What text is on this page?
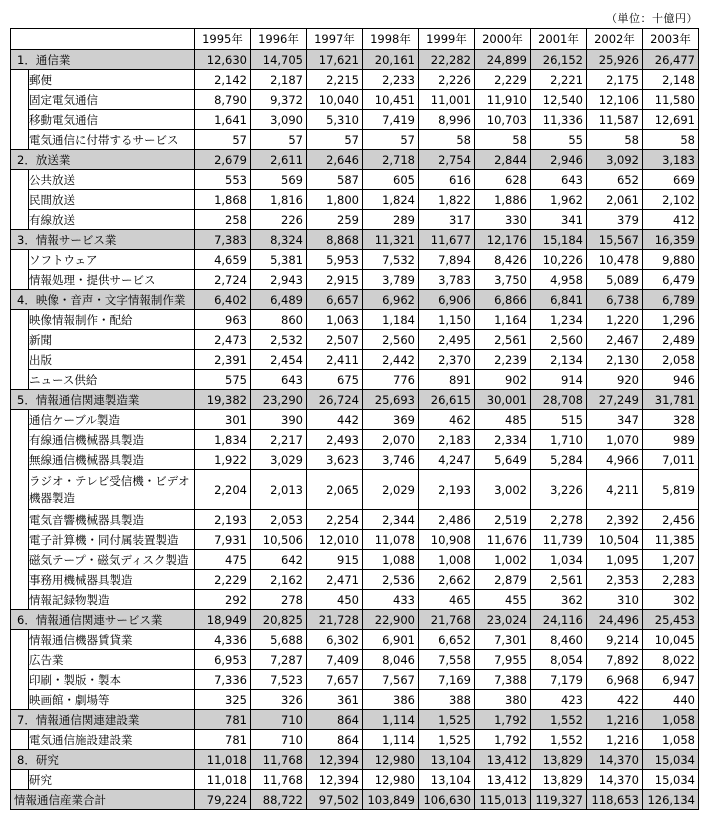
（単位：十億円）
		1995年	1996年	1997年	1998年	1999年	2000年	2001年	2002年	2003年
1．通信業		12,630	14,705	17,621	20,161	22,282	24,899	26,152	25,926	26,477
	郵便	2,142	2,187	2,215	2,233	2,226	2,229	2,221	2,175	2,148
	固定電気通信	8,790	9,372	10,040	10,451	11,001	11,910	12,540	12,106	11,580
	移動電気通信	1,641	3,090	5,310	7,419	8,996	10,703	11,336	11,587	12,691
	電気通信に付帯するサービス	57	57	57	57	58	58	55	58	58
2．放送業		2,679	2,611	2,646	2,718	2,754	2,844	2,946	3,092	3,183
	公共放送	553	569	587	605	616	628	643	652	669
	民間放送	1,868	1,816	1,800	1,824	1,822	1,886	1,962	2,061	2,102
	有線放送	258	226	259	289	317	330	341	379	412
3．情報サービス業		7,383	8,324	8,868	11,321	11,677	12,176	15,184	15,567	16,359
	ソフトウェア	4,659	5,381	5,953	7,532	7,894	8,426	10,226	10,478	9,880
	情報処理・提供サービス	2,724	2,943	2,915	3,789	3,783	3,750	4,958	5,089	6,479
4．映像・音声・文字情報制作業		6,402	6,489	6,657	6,962	6,906	6,866	6,841	6,738	6,789
	映像情報制作・配給	963	860	1,063	1,184	1,150	1,164	1,234	1,220	1,296
	新聞	2,473	2,532	2,507	2,560	2,495	2,561	2,560	2,467	2,489
	出版	2,391	2,454	2,411	2,442	2,370	2,239	2,134	2,130	2,058
	ニュース供給	575	643	675	776	891	902	914	920	946
5．情報通信関連製造業		19,382	23,290	26,724	25,693	26,615	30,001	28,708	27,249	31,781
	通信ケーブル製造	301	390	442	369	462	485	515	347	328
	有線通信機械器具製造	1,834	2,217	2,493	2,070	2,183	2,334	1,710	1,070	989
	無線通信機械器具製造	1,922	3,029	3,623	3,746	4,247	5,649	5,284	4,966	7,011
	ラジオ・テレビ受信機・ビデオ機器製造	2,204	2,013	2,065	2,029	2,193	3,002	3,226	4,211	5,819
	電気音響機械器具製造	2,193	2,053	2,254	2,344	2,486	2,519	2,278	2,392	2,456
	電子計算機・同付属装置製造	7,931	10,506	12,010	11,078	10,908	11,676	11,739	10,504	11,385
	磁気テープ・磁気ディスク製造	475	642	915	1,088	1,008	1,002	1,034	1,095	1,207
	事務用機械器具製造	2,229	2,162	2,471	2,536	2,662	2,879	2,561	2,353	2,283
	情報記録物製造	292	278	450	433	465	455	362	310	302
6．情報通信関連サービス業		18,949	20,825	21,728	22,900	21,768	23,024	24,116	24,496	25,453
	情報通信機器賃貸業	4,336	5,688	6,302	6,901	6,652	7,301	8,460	9,214	10,045
	広告業	6,953	7,287	7,409	8,046	7,558	7,955	8,054	7,892	8,022
	印刷・製版・製本	7,336	7,523	7,657	7,567	7,169	7,388	7,179	6,968	6,947
	映画館・劇場等	325	326	361	386	388	380	423	422	440
7．情報通信関連建設業		781	710	864	1,114	1,525	1,792	1,552	1,216	1,058
	電気通信施設建設業	781	710	864	1,114	1,525	1,792	1,552	1,216	1,058
8．研究		11,018	11,768	12,394	12,980	13,104	13,412	13,829	14,370	15,034
	研究	11,018	11,768	12,394	12,980	13,104	13,412	13,829	14,370	15,034
情報通信産業合計		79,224	88,722	97,502	103,849	106,630	115,013	119,327	118,653	126,134
